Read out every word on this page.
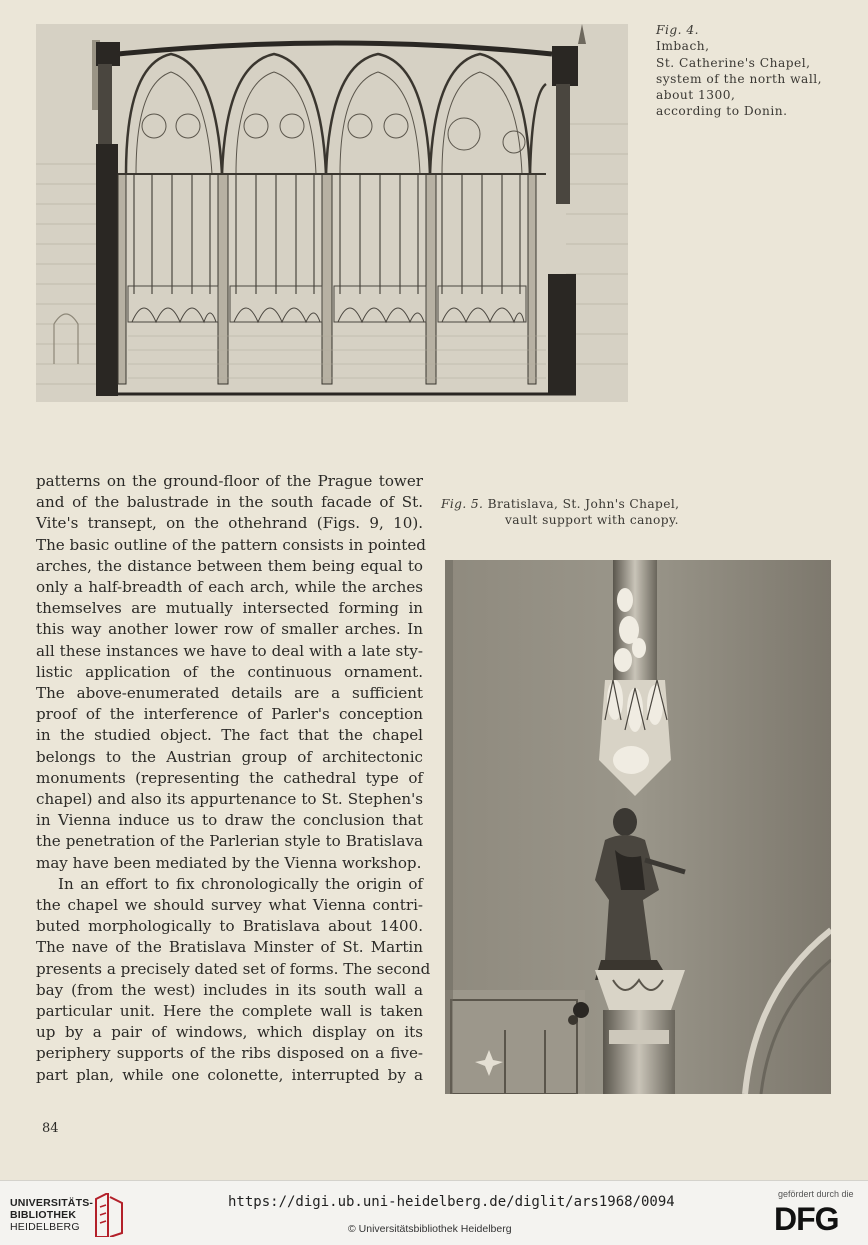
Fig. 4.
Imbach,
St. Catherine's Chapel,
system of the north wall,
about 1300,
according to Donin.
Fig. 5. Bratislava, St. John's Chapel,
vault support with canopy.

patterns on the ground-floor of the Prague tower
and of the balustrade in the south facade of St.
Vite's transept, on the othehrand (Figs. 9, 10).
The basic outline of the pattern consists in pointed
arches, the distance between them being equal to
only a half-breadth of each arch, while the arches
themselves are mutually intersected forming in
this way another lower row of smaller arches. In
all these instances we have to deal with a late sty-
listic application of the continuous ornament.
The above-enumerated details are a sufficient
proof of the interference of Parler's conception
in the studied object. The fact that the chapel
belongs to the Austrian group of architectonic
monuments (representing the cathedral type of
chapel) and also its appurtenance to St. Stephen's
in Vienna induce us to draw the conclusion that
the penetration of the Parlerian style to Bratislava
may have been mediated by the Vienna workshop.

In an effort to fix chronologically the origin of
the chapel we should survey what Vienna contri-
buted morphologically to Bratislava about 1400.
The nave of the Bratislava Minster of St. Martin
presents a precisely dated set of forms. The second
bay (from the west) includes in its south wall a
particular unit. Here the complete wall is taken
up by a pair of windows, which display on its
periphery supports of the ribs disposed on a five-
part plan, while one colonette, interrupted by a

84
UNIVERSITÄTS-
BIBLIOTHEK
HEIDELBERG
https://digi.ub.uni-heidelberg.de/diglit/ars1968/0094
© Universitätsbibliothek Heidelberg
gefördert durch die
DFG
